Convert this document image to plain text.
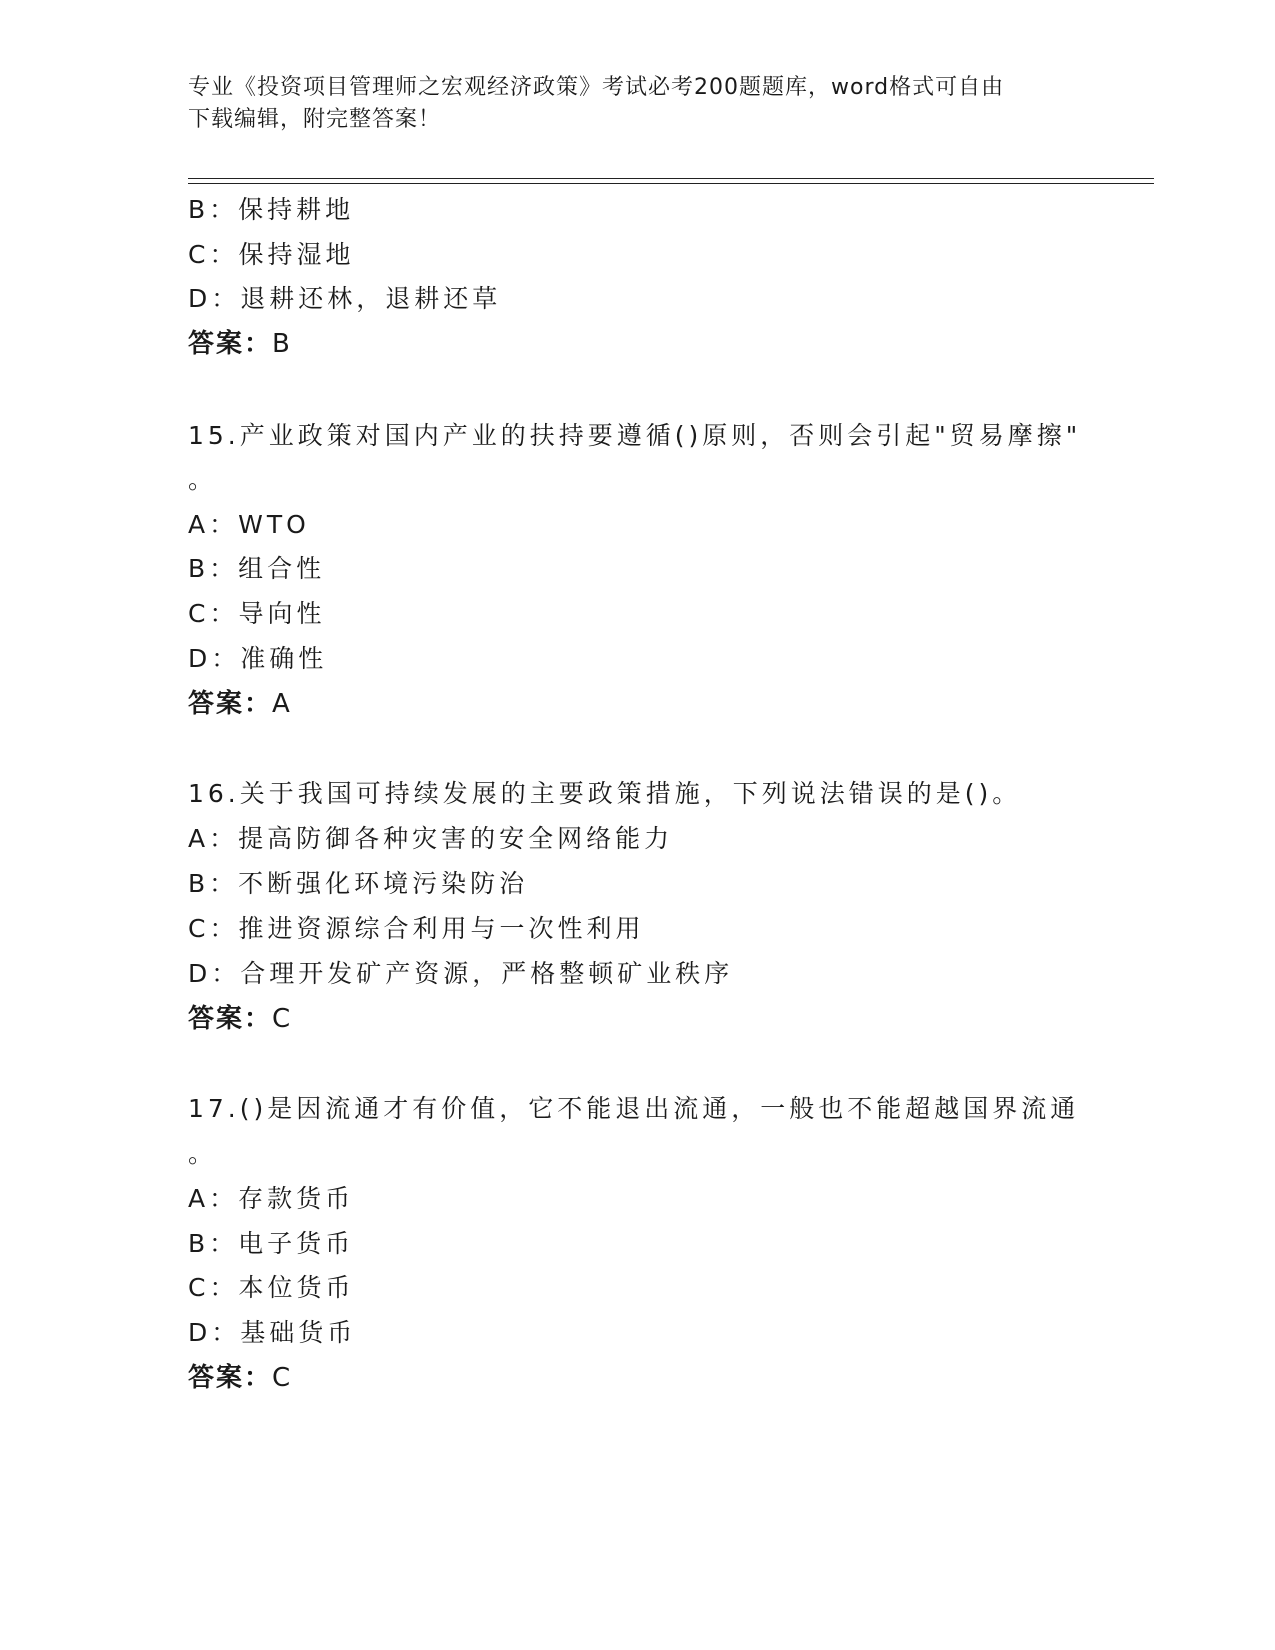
专业《投资项目管理师之宏观经济政策》考试必考200题题库，word格式可自由
下载编辑，附完整答案！
B：保持耕地
C：保持湿地
D：退耕还林，退耕还草
答案：B
15.产业政策对国内产业的扶持要遵循()原则，否则会引起"贸易摩擦"
。
A：WTO
B：组合性
C：导向性
D：准确性
答案：A
16.关于我国可持续发展的主要政策措施，下列说法错误的是()。
A：提高防御各种灾害的安全网络能力
B：不断强化环境污染防治
C：推进资源综合利用与一次性利用
D：合理开发矿产资源，严格整顿矿业秩序
答案：C
17.()是因流通才有价值，它不能退出流通，一般也不能超越国界流通
。
A：存款货币
B：电子货币
C：本位货币
D：基础货币
答案：C
